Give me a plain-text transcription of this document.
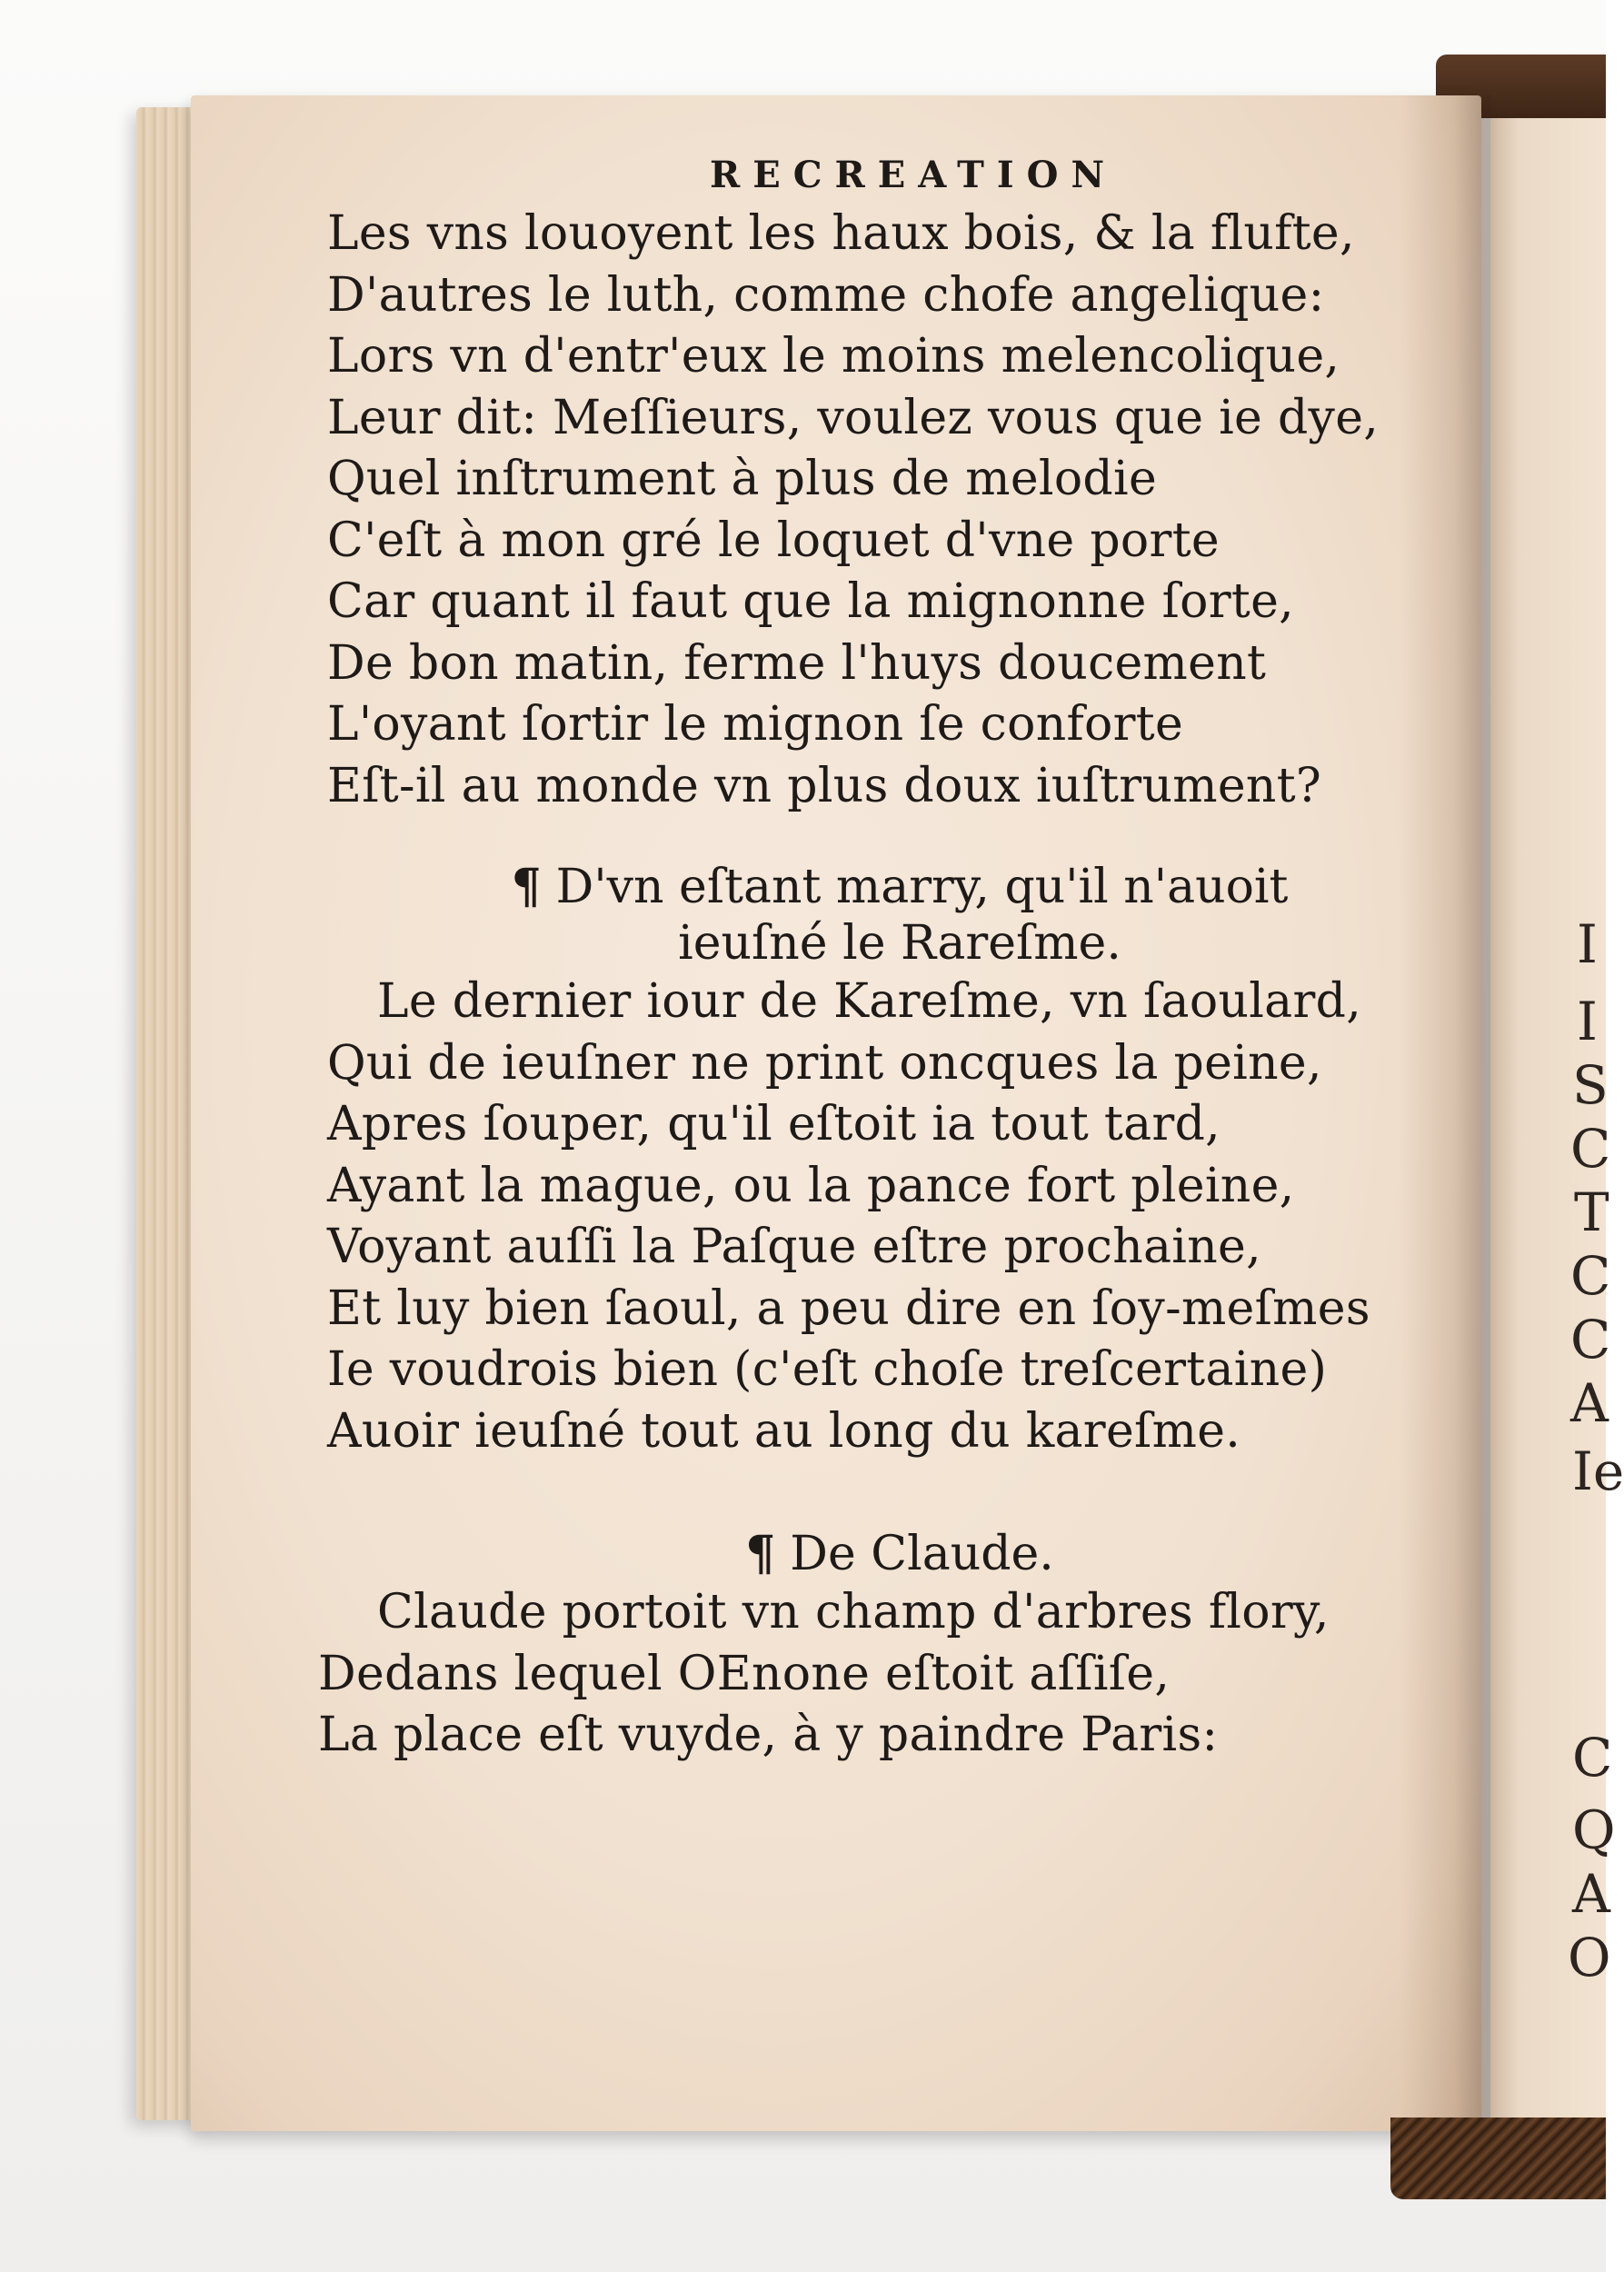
I
I
S
C
T
C
C
A
Ie
C
Q
A
O
RECREATION
Les vns louoyent les haux bois, & la flufte,
D'autres le luth, comme chofe angelique:
Lors vn d'entr'eux le moins melencolique,
Leur dit: Meſſieurs, voulez vous que ie dye,
Quel inſtrument à plus de melodie
C'eſt à mon gré le loquet d'vne porte
Car quant il faut que la mignonne ſorte,
De bon matin, ferme l'huys doucement
L'oyant ſortir le mignon ſe conforte
Eſt-il au monde vn plus doux iuſtrument?
¶ D'vn eſtant marry, qu'il n'auoit
ieuſné le Rareſme.
Le dernier iour de Kareſme, vn ſaoulard,
Qui de ieuſner ne print oncques la peine,
Apres ſouper, qu'il eſtoit ia tout tard,
Ayant la mague, ou la pance fort pleine,
Voyant auſſi la Paſque eſtre prochaine,
Et luy bien ſaoul, a peu dire en ſoy-meſmes
Ie voudrois bien (c'eſt choſe treſcertaine)
Auoir ieuſné tout au long du kareſme.
¶ De Claude.
Claude portoit vn champ d'arbres flory,
Dedans lequel OEnone eſtoit aſſiſe,
La place eſt vuyde, à y paindre Paris:
